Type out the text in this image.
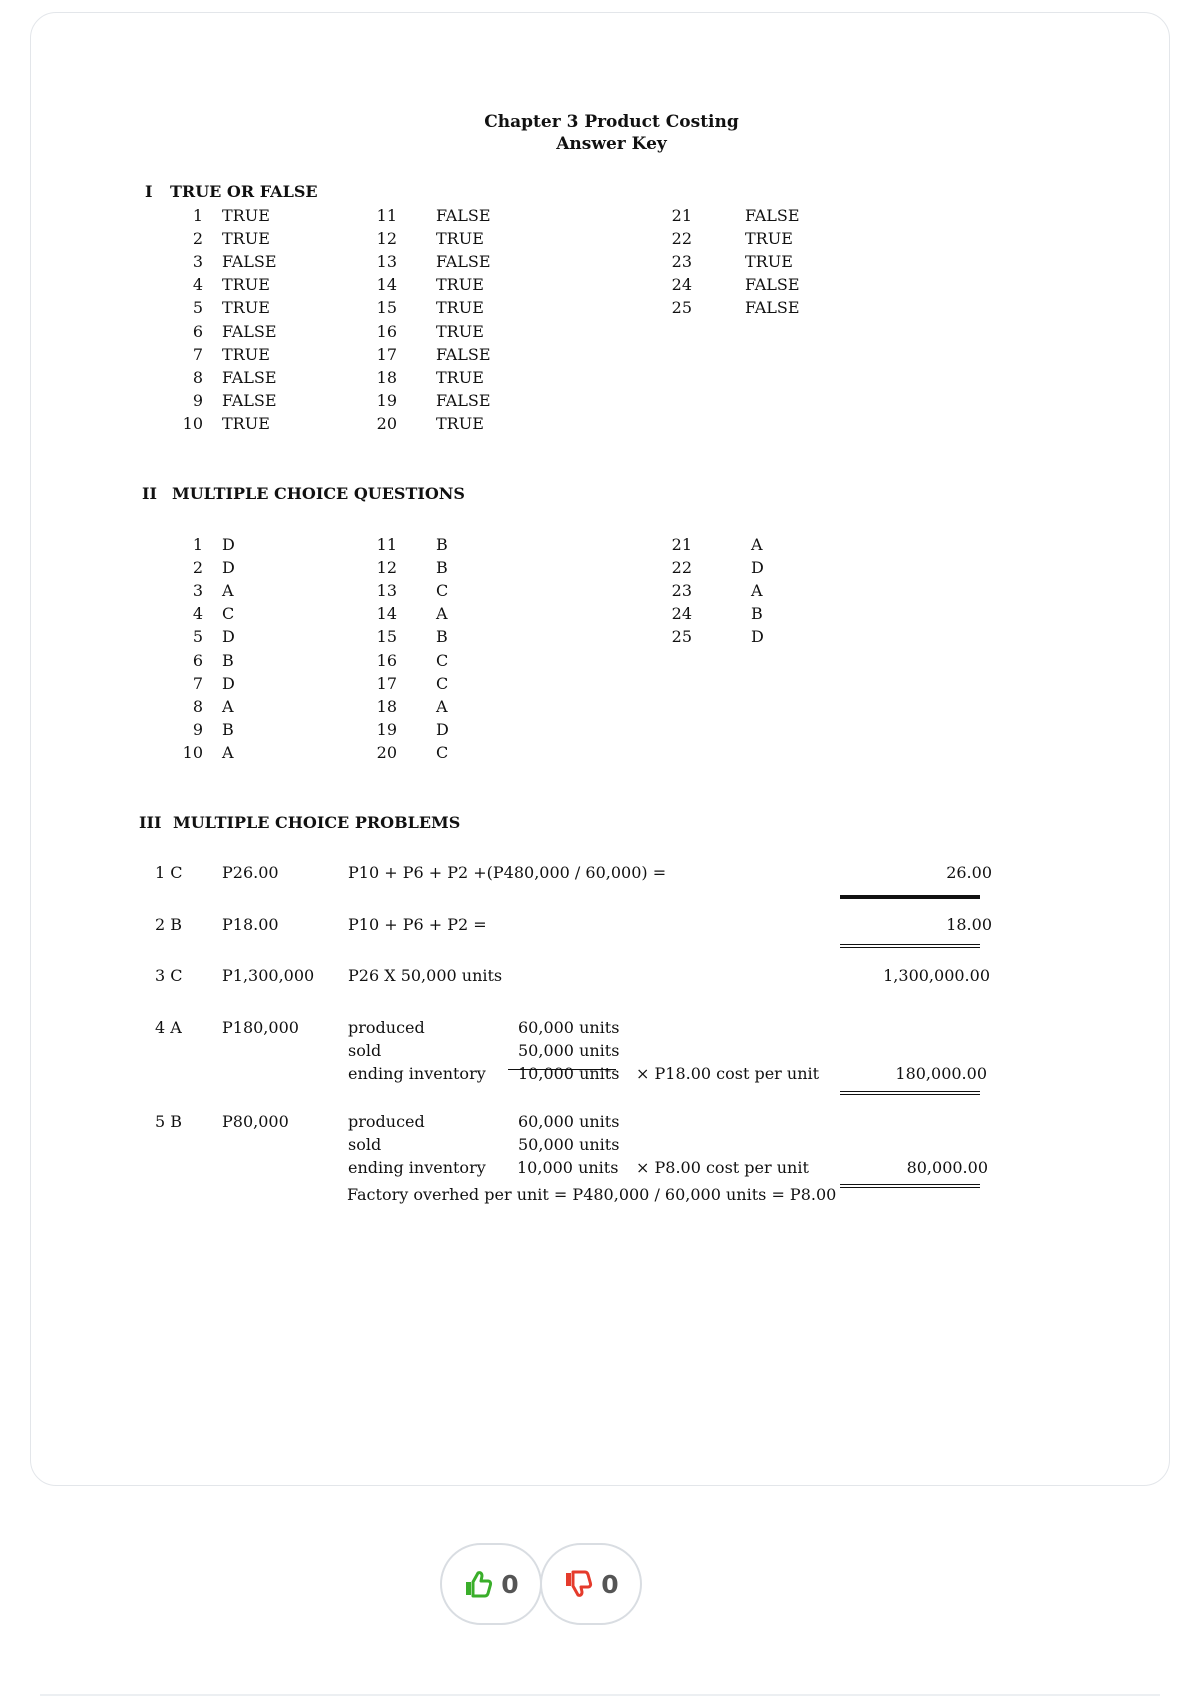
Chapter 3 Product Costing
Answer Key
I TRUE OR FALSE
1 TRUE
2 TRUE
3 FALSE
4 TRUE
5 TRUE
6 FALSE
7 TRUE
8 FALSE
9 FALSE
10 TRUE
11 FALSE
12 TRUE
13 FALSE
14 TRUE
15 TRUE
16 TRUE
17 FALSE
18 TRUE
19 FALSE
20 TRUE
21	FALSE
22	TRUE
23	TRUE
24	FALSE
25	FALSE
II MULTIPLE CHOICE QUESTIONS
1 D
2 D
3 A
4 C
5 D
6 B
7 D
8 A
9 B
10 A
11 B
12 B
13 C
14 A
15 B
16 C
17 C
18 A
19 D
20 C
21	A
22	D
23	A
24	B
25	D
III MULTIPLE CHOICE PROBLEMS
1 C P26.00	P10 + P6 + P2 +(P480,000 / 60,000) =	26.00
2 B P18.00	P10 + P6 + P2 =	18.00
3 C P1,300,000 P26 X 50,000 units	1,300,000.00
4 A	P180,000	produced	60,000 units
sold	50,000 units
ending inventory 10,000 units × P18.00 cost per unit	180,000.00
5 B P80,000	produced	60,000 units
sold	50,000 units
ending inventory 10,000 units × P8.00 cost per unit	80,000.00
Factory overhed per unit = P480,000 / 60,000 units = P8.00
0	0
